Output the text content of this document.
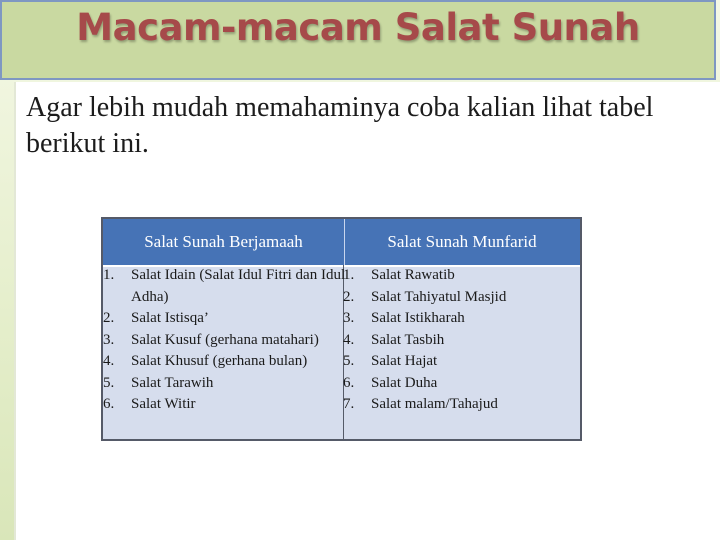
Macam-macam Salat Sunah
Agar lebih mudah memahaminya coba kalian lihat tabel berikut ini.
Salat Sunah Berjamaah	Salat Sunah Munfarid
1. Salat Idain (Salat Idul Fitri dan Idul Adha)
2. Salat Istisqa’
3. Salat Kusuf (gerhana matahari)
4. Salat Khusuf (gerhana bulan)
5. Salat Tarawih
6. Salat Witir
1. Salat Rawatib
2. Salat Tahiyatul Masjid
3. Salat Istikharah
4. Salat Tasbih
5. Salat Hajat
6. Salat Duha
7. Salat malam/Tahajud
